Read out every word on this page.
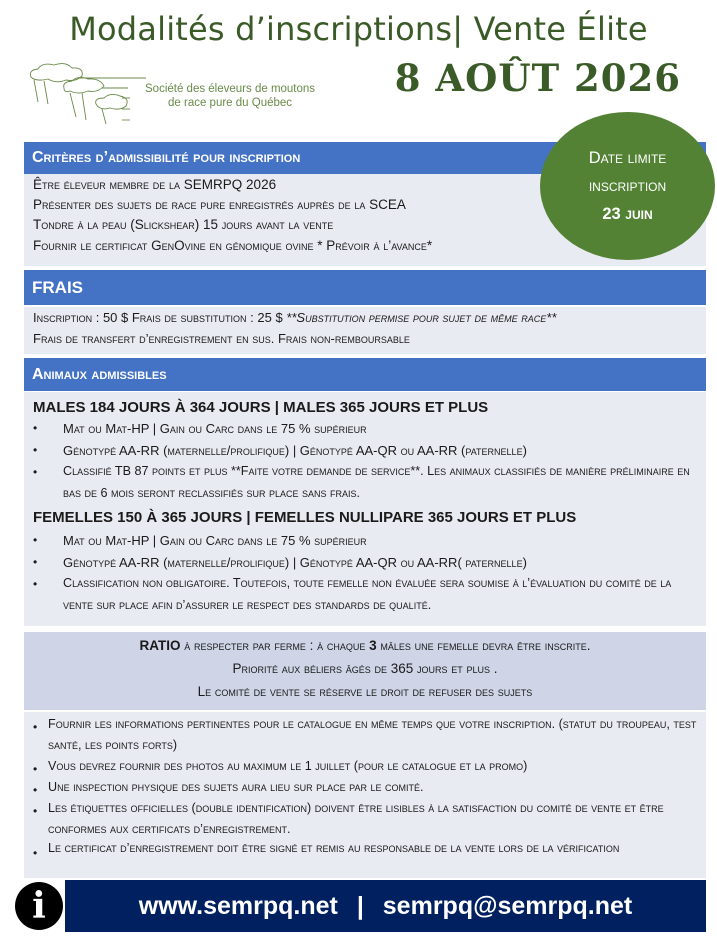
Modalités d’inscriptions| Vente Élite
Société des éleveurs de moutons
de race pure du Québec
8 AOÛT 2026
Critères d’admissibilité pour inscription
Être éleveur membre de la SEMRPQ 2026
Présenter des sujets de race pure enregistrés auprès de la SCEA
Tondre à la peau (Slickshear) 15 jours avant la vente
Fournir le certificat GenOvine en génomique ovine * Prévoir à l’avance*
Date limite
inscription
23 juin
FRAIS
Inscription : 50 $ Frais de substitution : 25 $ **Substitution permise pour sujet de même race**
Frais de transfert d’enregistrement en sus. Frais non-remboursable
Animaux admissibles
MALES 184 JOURS À 364 JOURS | MALES 365 JOURS ET PLUS
• Mat ou Mat-HP | Gain ou Carc dans le 75 % supérieur
• Génotypé AA-RR (maternelle/prolifique) | Génotypé AA-QR ou AA-RR (paternelle)
• Classifié TB 87 points et plus **Faite votre demande de service**. Les animaux classifiés de manière préliminaire en bas de 6 mois seront reclassifiés sur place sans frais.
FEMELLES 150 À 365 JOURS | FEMELLES NULLIPARE 365 JOURS ET PLUS
• Mat ou Mat-HP | Gain ou Carc dans le 75 % supérieur
• Génotypé AA-RR (maternelle/prolifique) | Génotypé AA-QR ou AA-RR( paternelle)
• Classification non obligatoire. Toutefois, toute femelle non évaluée sera soumise à l’évaluation du comité de la vente sur place afin d’assurer le respect des standards de qualité.
RATIO à respecter par ferme : à chaque 3 mâles une femelle devra être inscrite.
Priorité aux béliers âgés de 365 jours et plus .
Le comité de vente se réserve le droit de refuser des sujets
• Fournir les informations pertinentes pour le catalogue en même temps que votre inscription. (statut du troupeau, test santé, les points forts)
• Vous devrez fournir des photos au maximum le 1 juillet (pour le catalogue et la promo)
• Une inspection physique des sujets aura lieu sur place par le comité.
• Les étiquettes officielles (double identification) doivent être lisibles à la satisfaction du comité de vente et être conformes aux certificats d’enregistrement.
• Le certificat d’enregistrement doit être signé et remis au responsable de la vente lors de la vérification
www.semrpq.net | semrpq@semrpq.net
i
